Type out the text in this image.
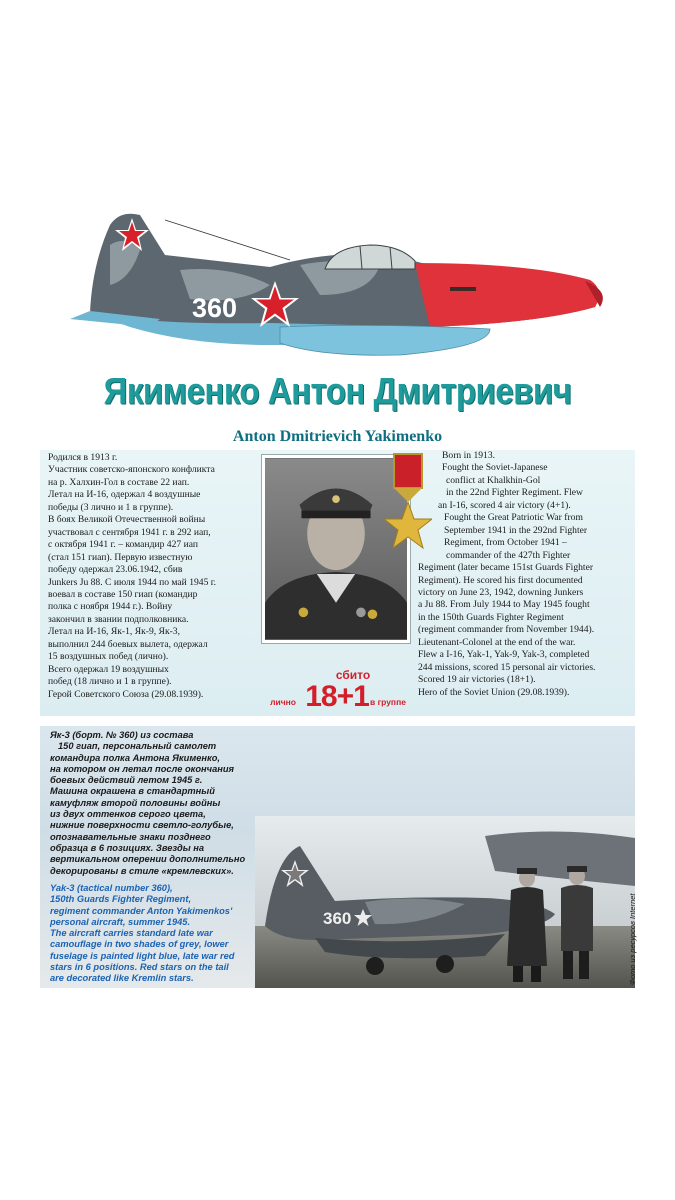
360
Якименко Антон Дмитриевич
Anton Dmitrievich Yakimenko

Родился в 1913 г.

Участник советско-японского конфликта

на р. Халхин-Гол в составе 22 иап.

Летал на И-16, одержал 4 воздушные

победы (3 лично и 1 в группе).

В боях Великой Отечественной войны

участвовал с сентября 1941 г. в 292 иап,

с октября 1941 г. – командир 427 иап

(стал 151 гиап). Первую известную

победу одержал 23.06.1942, сбив

Junkers Ju 88. С июля 1944 по май 1945 г.

воевал в составе 150 гиап (командир

полка с ноября 1944 г.). Войну

закончил в звании подполковника.

Летал на И-16, Як-1, Як-9, Як-3,

выполнил 244 боевых вылета, одержал

15 воздушных побед (лично).

Всего одержал 19 воздушных

побед (18 лично и 1 в группе).

Герой Советского Союза (29.08.1939).

Born in 1913.

Fought the Soviet-Japanese

conflict at Khalkhin-Gol

in the 22nd Fighter Regiment. Flew

an I-16, scored 4 air victory (4+1).

Fought the Great Patriotic War from

September 1941 in the 292nd Fighter

Regiment, from October 1941 –

commander of the 427th Fighter

Regiment (later became 151st Guards Fighter

Regiment). He scored his first documented

victory on June 23, 1942, downing Junkers

a Ju 88. From July 1944 to May 1945 fought

in the 150th Guards Fighter Regiment

(regiment commander from November 1944).

Lieutenant-Colonel at the end of the war.

Flew a I-16, Yak-1, Yak-9, Yak-3, completed

244 missions, scored 15 personal air victories.

Scored 19 air victories (18+1).

Hero of the Soviet Union (29.08.1939).

сбито
18+1
лично	в группе
360

Як-3 (борт. № 360) из состава

150 гиап, персональный самолет

командира полка Антона Якименко,

на котором он летал после окончания

боевых действий летом 1945 г.

Машина окрашена в стандартный

камуфляж второй половины войны

из двух оттенков серого цвета,

нижние поверхности светло-голубые,

опознавательные знаки позднего

образца в 6 позициях. Звезды на

вертикальном оперении дополнительно

декорированы в стиле «кремлевских».

Yak-3 (tactical number 360),

150th Guards Fighter Regiment,

regiment commander Anton Yakimenkos'

personal aircraft, summer 1945.

The aircraft carries standard late war

camouflage in two shades of grey, lower

fuselage is painted light blue, late war red

stars in 6 positions. Red stars on the tail

are decorated like Kremlin stars.	Фото из ресурсов Internet
